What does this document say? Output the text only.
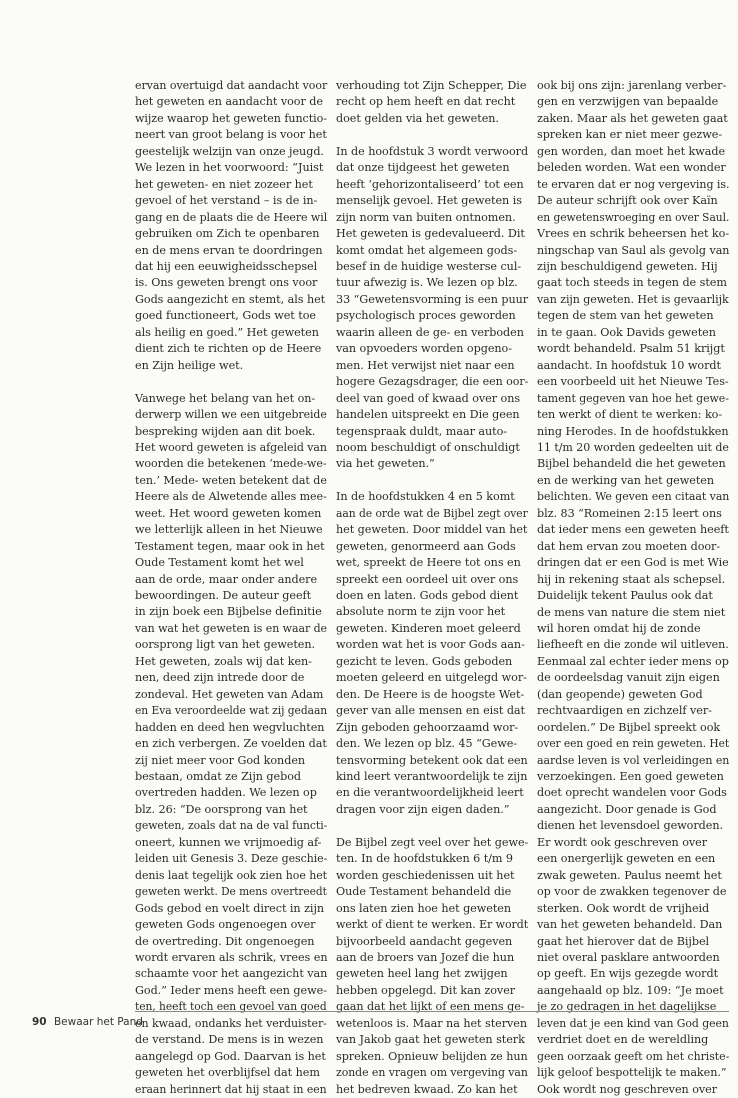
ervan overtuigd dat aandacht voor
het geweten en aandacht voor de
wijze waarop het geweten functio-
neert van groot belang is voor het
geestelijk welzijn van onze jeugd.
We lezen in het voorwoord: “Juist
het geweten- en niet zozeer het
gevoel of het verstand – is de in-
gang en de plaats die de Heere wil
gebruiken om Zich te openbaren
en de mens ervan te doordringen
dat hij een eeuwigheidsschepsel
is. Ons geweten brengt ons voor
Gods aangezicht en stemt, als het
goed functioneert, Gods wet toe
als heilig en goed.” Het geweten
dient zich te richten op de Heere
en Zijn heilige wet.

Vanwege het belang van het on-
derwerp willen we een uitgebreide
bespreking wijden aan dit boek.
Het woord geweten is afgeleid van
woorden die betekenen ‘mede-we-
ten.’ Mede- weten betekent dat de
Heere als de Alwetende alles mee-
weet. Het woord geweten komen
we letterlijk alleen in het Nieuwe
Testament tegen, maar ook in het
Oude Testament komt het wel
aan de orde, maar onder andere
bewoordingen. De auteur geeft
in zijn boek een Bijbelse definitie
van wat het geweten is en waar de
oorsprong ligt van het geweten.
Het geweten, zoals wij dat ken-
nen, deed zijn intrede door de
zondeval. Het geweten van Adam
en Eva veroordeelde wat zij gedaan
hadden en deed hen wegvluchten
en zich verbergen. Ze voelden dat
zij niet meer voor God konden
bestaan, omdat ze Zijn gebod
overtreden hadden. We lezen op
blz. 26: “De oorsprong van het
geweten, zoals dat na de val functi-
oneert, kunnen we vrijmoedig af-
leiden uit Genesis 3. Deze geschie-
denis laat tegelijk ook zien hoe het
geweten werkt. De mens overtreedt
Gods gebod en voelt direct in zijn
geweten Gods ongenoegen over
de overtreding. Dit ongenoegen
wordt ervaren als schrik, vrees en
schaamte voor het aangezicht van
God.” Ieder mens heeft een gewe-
ten, heeft toch een gevoel van goed
en kwaad, ondanks het verduister-
de verstand. De mens is in wezen
aangelegd op God. Daarvan is het
geweten het overblijfsel dat hem
eraan herinnert dat hij staat in een

verhouding tot Zijn Schepper, Die
recht op hem heeft en dat recht
doet gelden via het geweten.

In de hoofdstuk 3 wordt verwoord
dat onze tijdgeest het geweten
heeft ‘gehorizontaliseerd’ tot een
menselijk gevoel. Het geweten is
zijn norm van buiten ontnomen.
Het geweten is gedevalueerd. Dit
komt omdat het algemeen gods-
besef in de huidige westerse cul-
tuur afwezig is. We lezen op blz.
33 “Gewetensvorming is een puur
psychologisch proces geworden
waarin alleen de ge- en verboden
van opvoeders worden opgeno-
men. Het verwijst niet naar een
hogere Gezagsdrager, die een oor-
deel van goed of kwaad over ons
handelen uitspreekt en Die geen
tegenspraak duldt, maar auto-
noom beschuldigt of onschuldigt
via het geweten.”

In de hoofdstukken 4 en 5 komt
aan de orde wat de Bijbel zegt over
het geweten. Door middel van het
geweten, genormeerd aan Gods
wet, spreekt de Heere tot ons en
spreekt een oordeel uit over ons
doen en laten. Gods gebod dient
absolute norm te zijn voor het
geweten. Kinderen moet geleerd
worden wat het is voor Gods aan-
gezicht te leven. Gods geboden
moeten geleerd en uitgelegd wor-
den. De Heere is de hoogste Wet-
gever van alle mensen en eist dat
Zijn geboden gehoorzaamd wor-
den. We lezen op blz. 45 “Gewe-
tensvorming betekent ook dat een
kind leert verantwoordelijk te zijn
en die verantwoordelijkheid leert
dragen voor zijn eigen daden.”

De Bijbel zegt veel over het gewe-
ten. In de hoofdstukken 6 t/m 9
worden geschiedenissen uit het
Oude Testament behandeld die
ons laten zien hoe het geweten
werkt of dient te werken. Er wordt
bijvoorbeeld aandacht gegeven
aan de broers van Jozef die hun
geweten heel lang het zwijgen
hebben opgelegd. Dit kan zover
gaan dat het lijkt of een mens ge-
wetenloos is. Maar na het sterven
van Jakob gaat het geweten sterk
spreken. Opnieuw belijden ze hun
zonde en vragen om vergeving van
het bedreven kwaad. Zo kan het

ook bij ons zijn: jarenlang verber-
gen en verzwijgen van bepaalde
zaken. Maar als het geweten gaat
spreken kan er niet meer gezwe-
gen worden, dan moet het kwade
beleden worden. Wat een wonder
te ervaren dat er nog vergeving is.
De auteur schrijft ook over Kaïn
en gewetenswroeging en over Saul.
Vrees en schrik beheersen het ko-
ningschap van Saul als gevolg van
zijn beschuldigend geweten. Hij
gaat toch steeds in tegen de stem
van zijn geweten. Het is gevaarlijk
tegen de stem van het geweten
in te gaan. Ook Davids geweten
wordt behandeld. Psalm 51 krijgt
aandacht. In hoofdstuk 10 wordt
een voorbeeld uit het Nieuwe Tes-
tament gegeven van hoe het gewe-
ten werkt of dient te werken: ko-
ning Herodes. In de hoofdstukken
11 t/m 20 worden gedeelten uit de
Bijbel behandeld die het geweten
en de werking van het geweten
belichten. We geven een citaat van
blz. 83 “Romeinen 2:15 leert ons
dat ieder mens een geweten heeft
dat hem ervan zou moeten door-
dringen dat er een God is met Wie
hij in rekening staat als schepsel.
Duidelijk tekent Paulus ook dat
de mens van nature die stem niet
wil horen omdat hij de zonde
liefheeft en die zonde wil uitleven.
Eenmaal zal echter ieder mens op
de oordeelsdag vanuit zijn eigen
(dan geopende) geweten God
rechtvaardigen en zichzelf ver-
oordelen.” De Bijbel spreekt ook
over een goed en rein geweten. Het
aardse leven is vol verleidingen en
verzoekingen. Een goed geweten
doet oprecht wandelen voor Gods
aangezicht. Door genade is God
dienen het levensdoel geworden.
Er wordt ook geschreven over
een onergerlijk geweten en een
zwak geweten. Paulus neemt het
op voor de zwakken tegenover de
sterken. Ook wordt de vrijheid
van het geweten behandeld. Dan
gaat het hierover dat de Bijbel
niet overal pasklare antwoorden
op geeft. En wijs gezegde wordt
aangehaald op blz. 109: “Je moet
je zo gedragen in het dagelijkse
leven dat je een kind van God geen
verdriet doet en de wereldling
geen oorzaak geeft om het christe-
lijk geloof bespottelijk te maken.”
Ook wordt nog geschreven over

90 Bewaar het Pand
